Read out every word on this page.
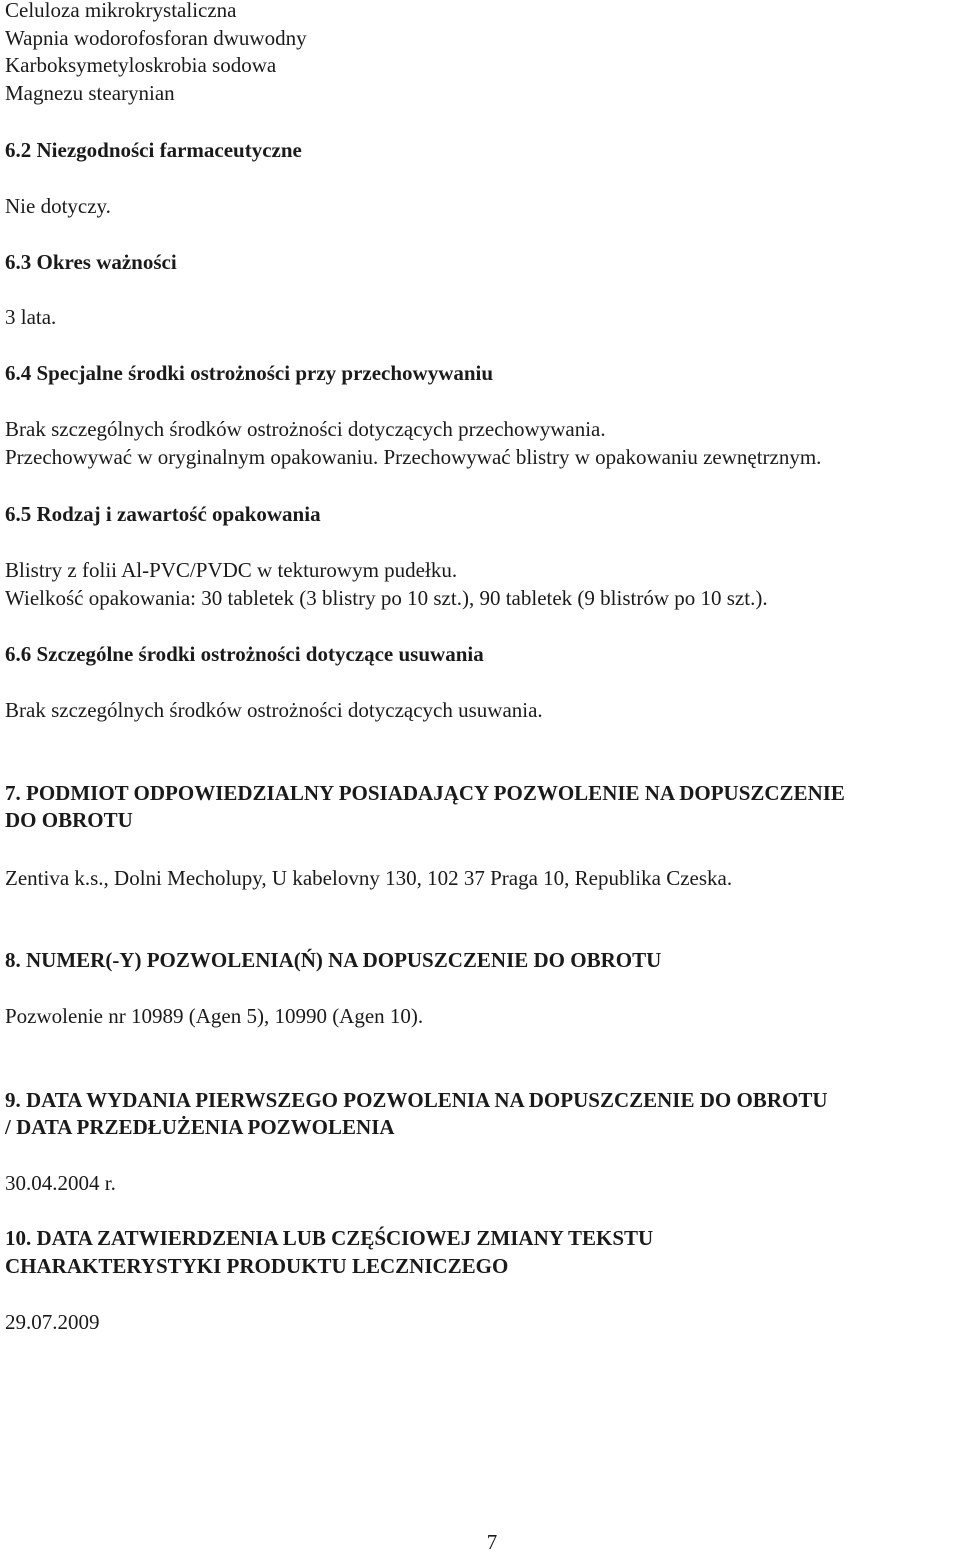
Celuloza mikrokrystaliczna

Wapnia wodorofosforan dwuwodny

Karboksymetyloskrobia sodowa

Magnezu stearynian

6.2 Niezgodności farmaceutyczne

Nie dotyczy.

6.3 Okres ważności

3 lata.

6.4 Specjalne środki ostrożności przy przechowywaniu

Brak szczególnych środków ostrożności dotyczących przechowywania.

Przechowywać w oryginalnym opakowaniu. Przechowywać blistry w opakowaniu zewnętrznym.

6.5 Rodzaj i zawartość opakowania

Blistry z folii Al-PVC/PVDC w tekturowym pudełku.

Wielkość opakowania: 30 tabletek (3 blistry po 10 szt.), 90 tabletek (9 blistrów po 10 szt.).

6.6 Szczególne środki ostrożności dotyczące usuwania

Brak szczególnych środków ostrożności dotyczących usuwania.

7. PODMIOT ODPOWIEDZIALNY POSIADAJĄCY POZWOLENIE NA DOPUSZCZENIE

DO OBROTU

Zentiva k.s., Dolni Mecholupy, U kabelovny 130, 102 37 Praga 10, Republika Czeska.

8. NUMER(-Y) POZWOLENIA(Ń) NA DOPUSZCZENIE DO OBROTU

Pozwolenie nr 10989 (Agen 5), 10990 (Agen 10).

9. DATA WYDANIA PIERWSZEGO POZWOLENIA NA DOPUSZCZENIE DO OBROTU

/ DATA PRZEDŁUŻENIA POZWOLENIA

30.04.2004 r.

10. DATA ZATWIERDZENIA LUB CZĘŚCIOWEJ ZMIANY TEKSTU

CHARAKTERYSTYKI PRODUKTU LECZNICZEGO

29.07.2009

7
